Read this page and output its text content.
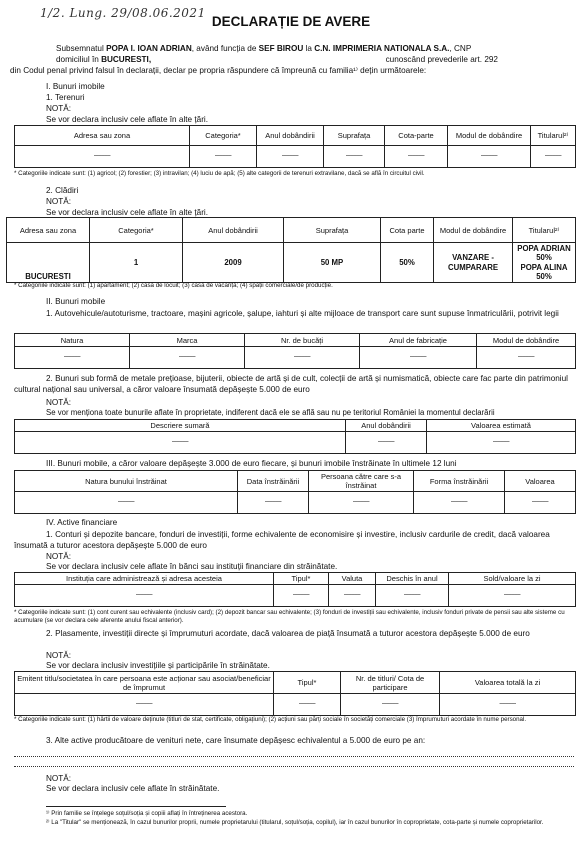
1/2. Lung. 29/08.06.2021
DECLARAȚIE DE AVERE
Subsemnatul POPA I. IOAN ADRIAN, având funcția de SEF BIROU la C.N. IMPRIMERIA NATIONALA S.A., CNP
domiciliul în BUCURESTI,	cunoscând prevederile art. 292
din Codul penal privind falsul în declarații, declar pe propria răspundere că împreună cu familia¹⁾ dețin următoarele:
I. Bunuri imobile
1. Terenuri
NOTĂ:
Se vor declara inclusiv cele aflate în alte țări.
Adresa sau zona	Categoria*	Anul dobândirii	Suprafața	Cota-parte	Modul de dobândire	Titularul²⁾
-----------	-----------	-----------	-----------	-----------	-----------	-----------
* Categoriile indicate sunt: (1) agricol; (2) forestier; (3) intravilan; (4) luciu de apă; (5) alte categorii de terenuri extravilane, dacă se află în circuitul civil.
2. Clădiri
NOTĂ:
Se vor declara inclusiv cele aflate în alte țări.
Adresa sau zona	Categoria*	Anul dobândirii	Suprafața	Cota parte	Modul de dobândire	Titularul²⁾
BUCURESTI	1	2009	50 MP	50%	VANZARE - CUMPARARE	POPA ADRIAN 50%
POPA ALINA 50%
* Categoriile indicate sunt: (1) apartament; (2) casă de locuit; (3) casă de vacanță; (4) spații comerciale/de producție.
II. Bunuri mobile
1. Autovehicule/autoturisme, tractoare, mașini agricole, șalupe, iahturi și alte mijloace de transport care sunt supuse înmatriculării, potrivit legii
Natura	Marca	Nr. de bucăți	Anul de fabricație	Modul de dobândire
-----------	-----------	-----------	-----------	-----------
2. Bunuri sub formă de metale prețioase, bijuterii, obiecte de artă și de cult, colecții de artă și numismatică, obiecte care fac parte din patrimoniul cultural național sau universal, a căror valoare însumată depășește 5.000 de euro
NOTĂ:
Se vor menționa toate bunurile aflate în proprietate, indiferent dacă ele se află sau nu pe teritoriul României la momentul declarării
Descriere sumară	Anul dobândirii	Valoarea estimată
-----------	-----------	-----------
III. Bunuri mobile, a căror valoare depășește 3.000 de euro fiecare, și bunuri imobile înstrăinate în ultimele 12 luni
Natura bunului înstrăinat	Data înstrăinării	Persoana către care s-a înstrăinat	Forma înstrăinării	Valoarea
-----------	-----------	-----------	-----------	-----------
IV. Active financiare
1. Conturi și depozite bancare, fonduri de investiții, forme echivalente de economisire și investire, inclusiv cardurile de credit, dacă valoarea însumată a tuturor acestora depășește 5.000 de euro
NOTĂ:
Se vor declara inclusiv cele aflate în bănci sau instituții financiare din străinătate.
Instituția care administrează și adresa acesteia	Tipul*	Valuta	Deschis în anul	Sold/valoare la zi
-----------	-----------	-----------	-----------	-----------
* Categoriile indicate sunt: (1) cont curent sau echivalente (inclusiv card); (2) depozit bancar sau echivalente; (3) fonduri de investiții sau echivalente, inclusiv fonduri private de pensii sau alte sisteme cu acumulare (se vor declara cele aferente anului fiscal anterior).
2. Plasamente, investiții directe și împrumuturi acordate, dacă valoarea de piață însumată a tuturor acestora depășește 5.000 de euro
NOTĂ:
Se vor declara inclusiv investițiile și participările în străinătate.
Emitent titlu/societatea în care persoana este acționar sau asociat/beneficiar de împrumut	Tipul*	Nr. de titluri/ Cota de participare	Valoarea totală la zi
-----------	-----------	-----------	-----------
* Categoriile indicate sunt: (1) hârtii de valoare deținute (titluri de stat, certificate, obligațiuni); (2) acțiuni sau părți sociale în societăți comerciale (3) împrumuturi acordate în nume personal.
3. Alte active producătoare de venituri nete, care însumate depășesc echivalentul a 5.000 de euro pe an:
NOTĂ:
Se vor declara inclusiv cele aflate în străinătate.
¹⁾ Prin familie se înțelege soțul/soția și copiii aflați în întreținerea acestora.
²⁾ La "Titular" se menționează, în cazul bunurilor proprii, numele proprietarului (titularul, soțul/soția, copilul), iar în cazul bunurilor în coproprietate, cota-parte și numele coproprietarilor.
